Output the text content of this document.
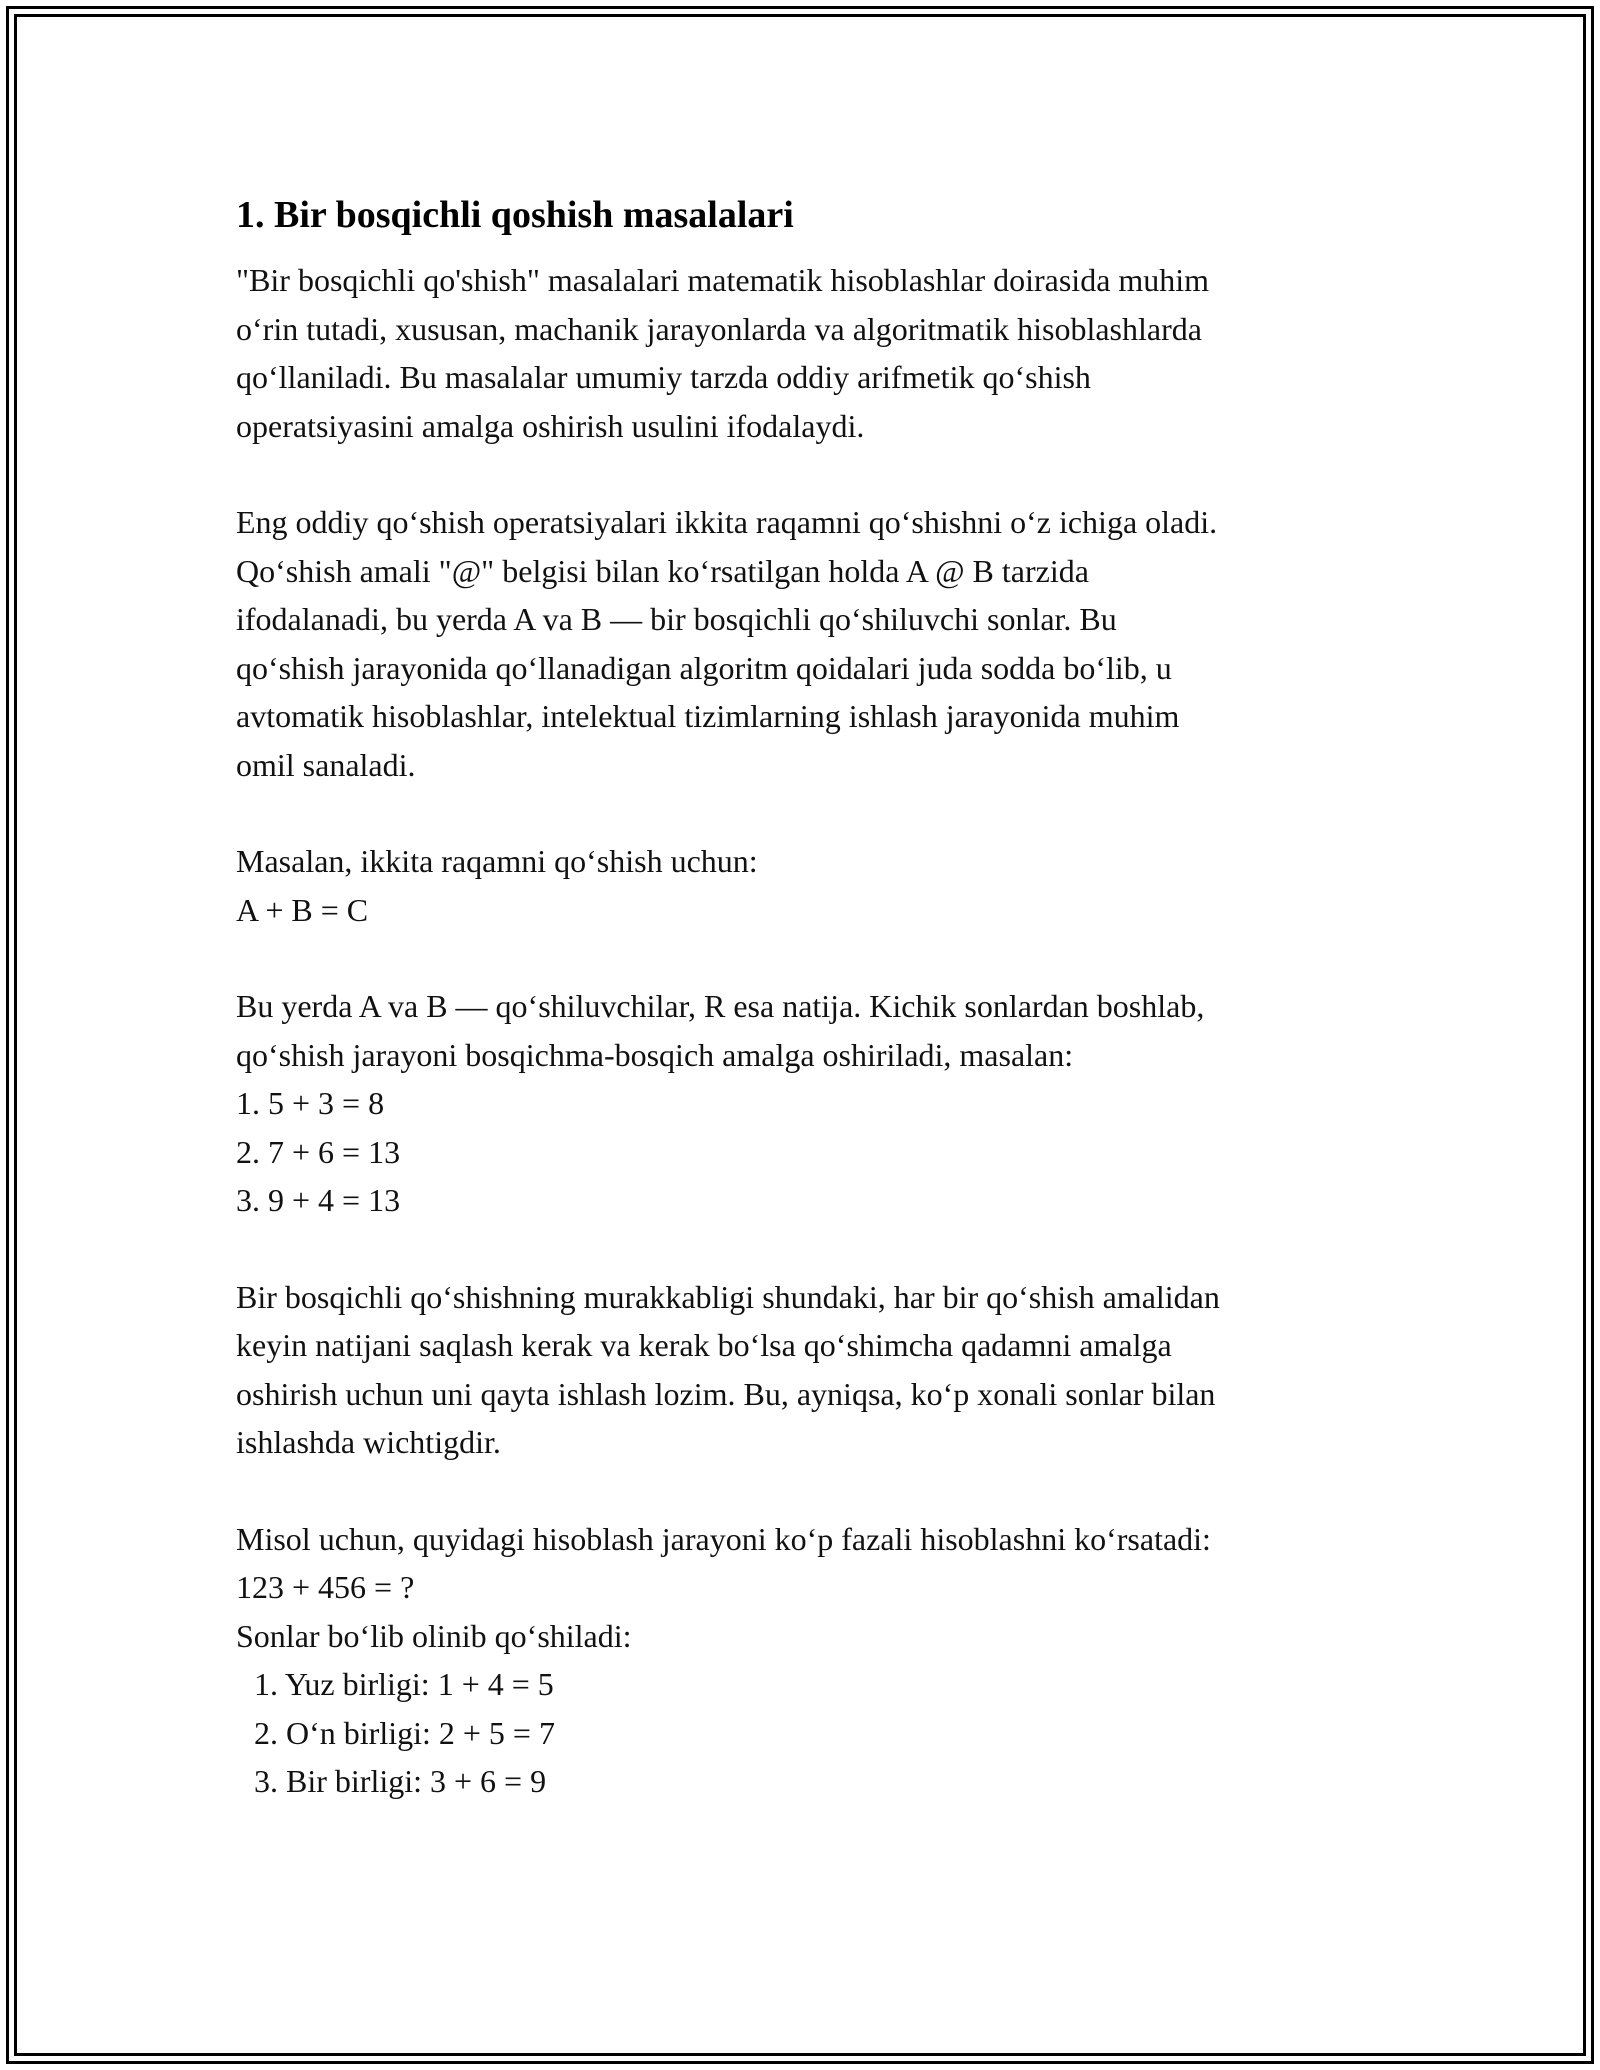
1. Bir bosqichli qoshish masalalari

"Bir bosqichli qo'shish" masalalari matematik hisoblashlar doirasida muhim
o‘rin tutadi, xususan, machanik jarayonlarda va algoritmatik hisoblashlarda
qo‘llaniladi. Bu masalalar umumiy tarzda oddiy arifmetik qo‘shish
operatsiyasini amalga oshirish usulini ifodalaydi.

Eng oddiy qo‘shish operatsiyalari ikkita raqamni qo‘shishni o‘z ichiga oladi.
Qo‘shish amali "@" belgisi bilan ko‘rsatilgan holda A @ B tarzida
ifodalanadi, bu yerda A va B — bir bosqichli qo‘shiluvchi sonlar. Bu
qo‘shish jarayonida qo‘llanadigan algoritm qoidalari juda sodda bo‘lib, u
avtomatik hisoblashlar, intelektual tizimlarning ishlash jarayonida muhim
omil sanaladi.

Masalan, ikkita raqamni qo‘shish uchun:
A + B = C

Bu yerda A va B — qo‘shiluvchilar, R esa natija. Kichik sonlardan boshlab,
qo‘shish jarayoni bosqichma-bosqich amalga oshiriladi, masalan:
1. 5 + 3 = 8
2. 7 + 6 = 13
3. 9 + 4 = 13

Bir bosqichli qo‘shishning murakkabligi shundaki, har bir qo‘shish amalidan
keyin natijani saqlash kerak va kerak bo‘lsa qo‘shimcha qadamni amalga
oshirish uchun uni qayta ishlash lozim. Bu, ayniqsa, ko‘p xonali sonlar bilan
ishlashda wichtigdir.

Misol uchun, quyidagi hisoblash jarayoni ko‘p fazali hisoblashni ko‘rsatadi:
123 + 456 = ?
Sonlar bo‘lib olinib qo‘shiladi:
1. Yuz birligi: 1 + 4 = 5
2. O‘n birligi: 2 + 5 = 7
3. Bir birligi: 3 + 6 = 9
